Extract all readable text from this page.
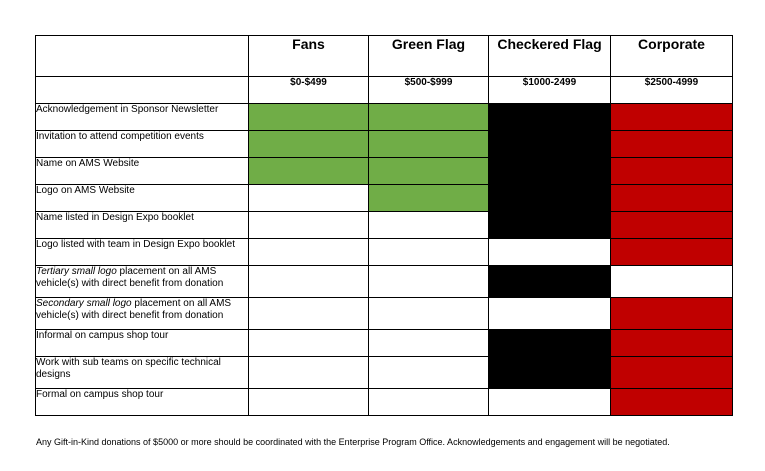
	Fans	Green Flag	Checkered Flag	Corporate
	$0-$499	$500-$999	$1000-2499	$2500-4999
Acknowledgement in Sponsor Newsletter				
Invitation to attend competition events				
Name on AMS Website				
Logo on AMS Website				
Name listed in Design Expo booklet				
Logo listed with team in Design Expo booklet				
Tertiary small logo placement on all AMS vehicle(s) with direct benefit from donation				
Secondary small logo placement on all AMS vehicle(s) with direct benefit from donation				
Informal on campus shop tour				
Work with sub teams on specific technical designs				
Formal on campus shop tour				
Any Gift-in-Kind donations of $5000 or more should be coordinated with the Enterprise Program Office. Acknowledgements and engagement will be negotiated.
